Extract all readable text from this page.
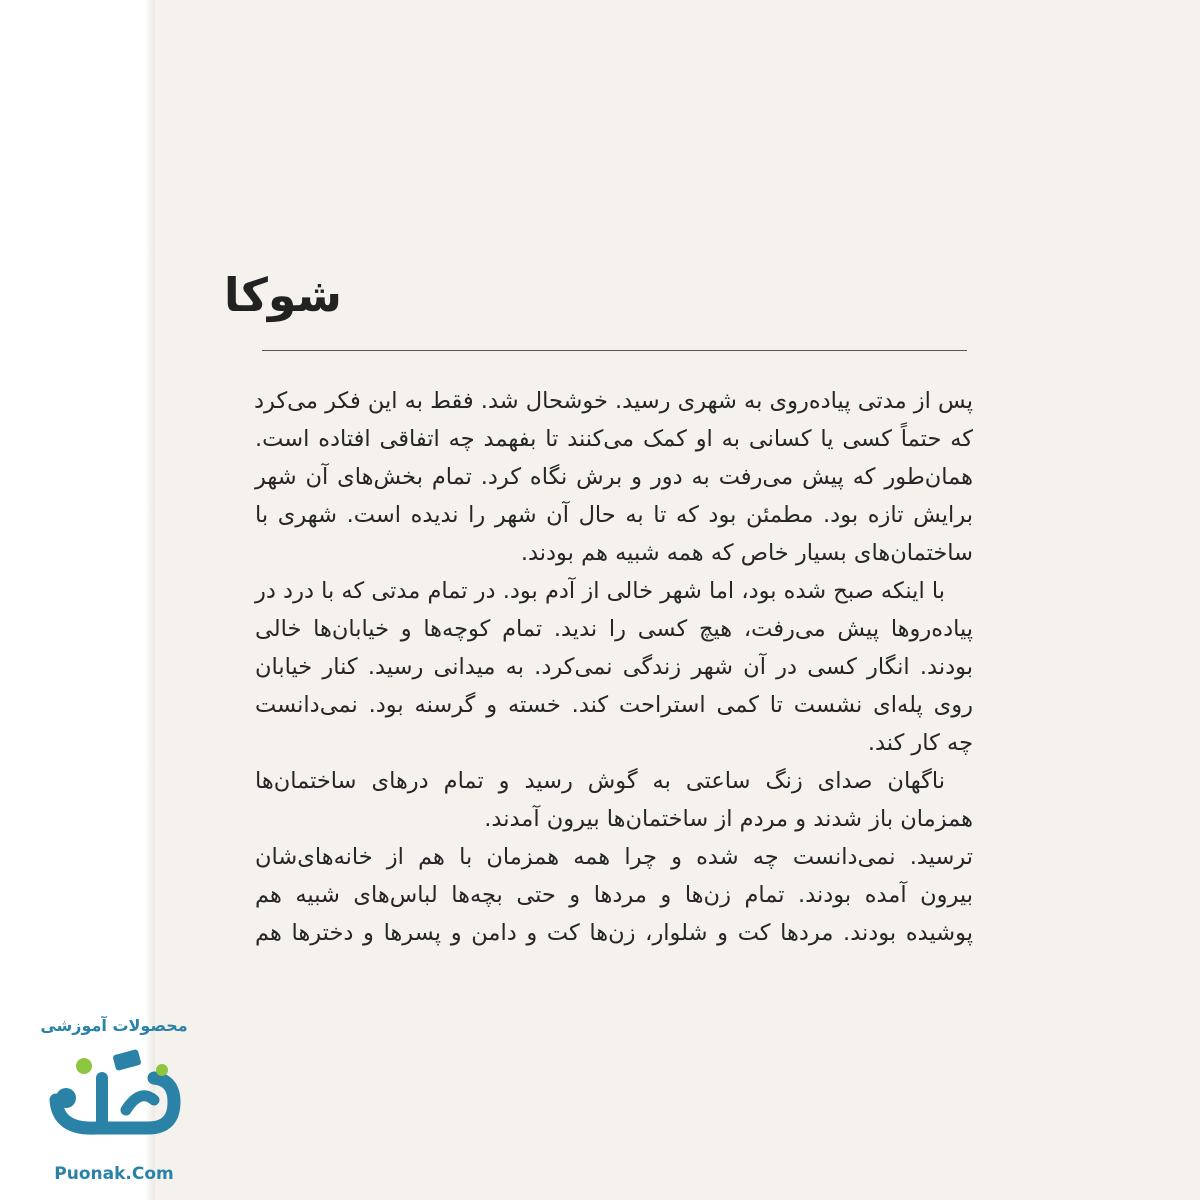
شوکا

پس از مدتی پیاده‌روی به شهری رسید. خوشحال شد. فقط به این فکر می‌کرد
که حتماً کسی یا کسانی به او کمک می‌کنند تا بفهمد چه اتفاقی افتاده است.
همان‌طور که پیش می‌رفت به دور و برش نگاه کرد. تمام بخش‌های آن شهر
برایش تازه بود. مطمئن بود که تا به حال آن شهر را ندیده است. شهری با
ساختمان‌های بسیار خاص که همه شبیه هم بودند.

با اینکه صبح شده بود، اما شهر خالی از آدم بود. در تمام مدتی که با درد در
پیاده‌روها پیش می‌رفت، هیچ کسی را ندید. تمام کوچه‌ها و خیابان‌ها خالی
بودند. انگار کسی در آن شهر زندگی نمی‌کرد. به میدانی رسید. کنار خیابان
روی پله‌ای نشست تا کمی استراحت کند. خسته و گرسنه بود. نمی‌دانست
چه کار کند.

ناگهان صدای زنگ ساعتی به گوش رسید و تمام درهای ساختمان‌ها
همزمان باز شدند و مردم از ساختمان‌ها بیرون آمدند.

ترسید. نمی‌دانست چه شده و چرا همه همزمان با هم از خانه‌های‌شان
بیرون آمده بودند. تمام زن‌ها و مردها و حتی بچه‌ها لباس‌های شبیه هم
پوشیده بودند. مردها کت و شلوار، زن‌ها کت و دامن و پسرها و دخترها هم

محصولات آموزشی
Puonak.Com
